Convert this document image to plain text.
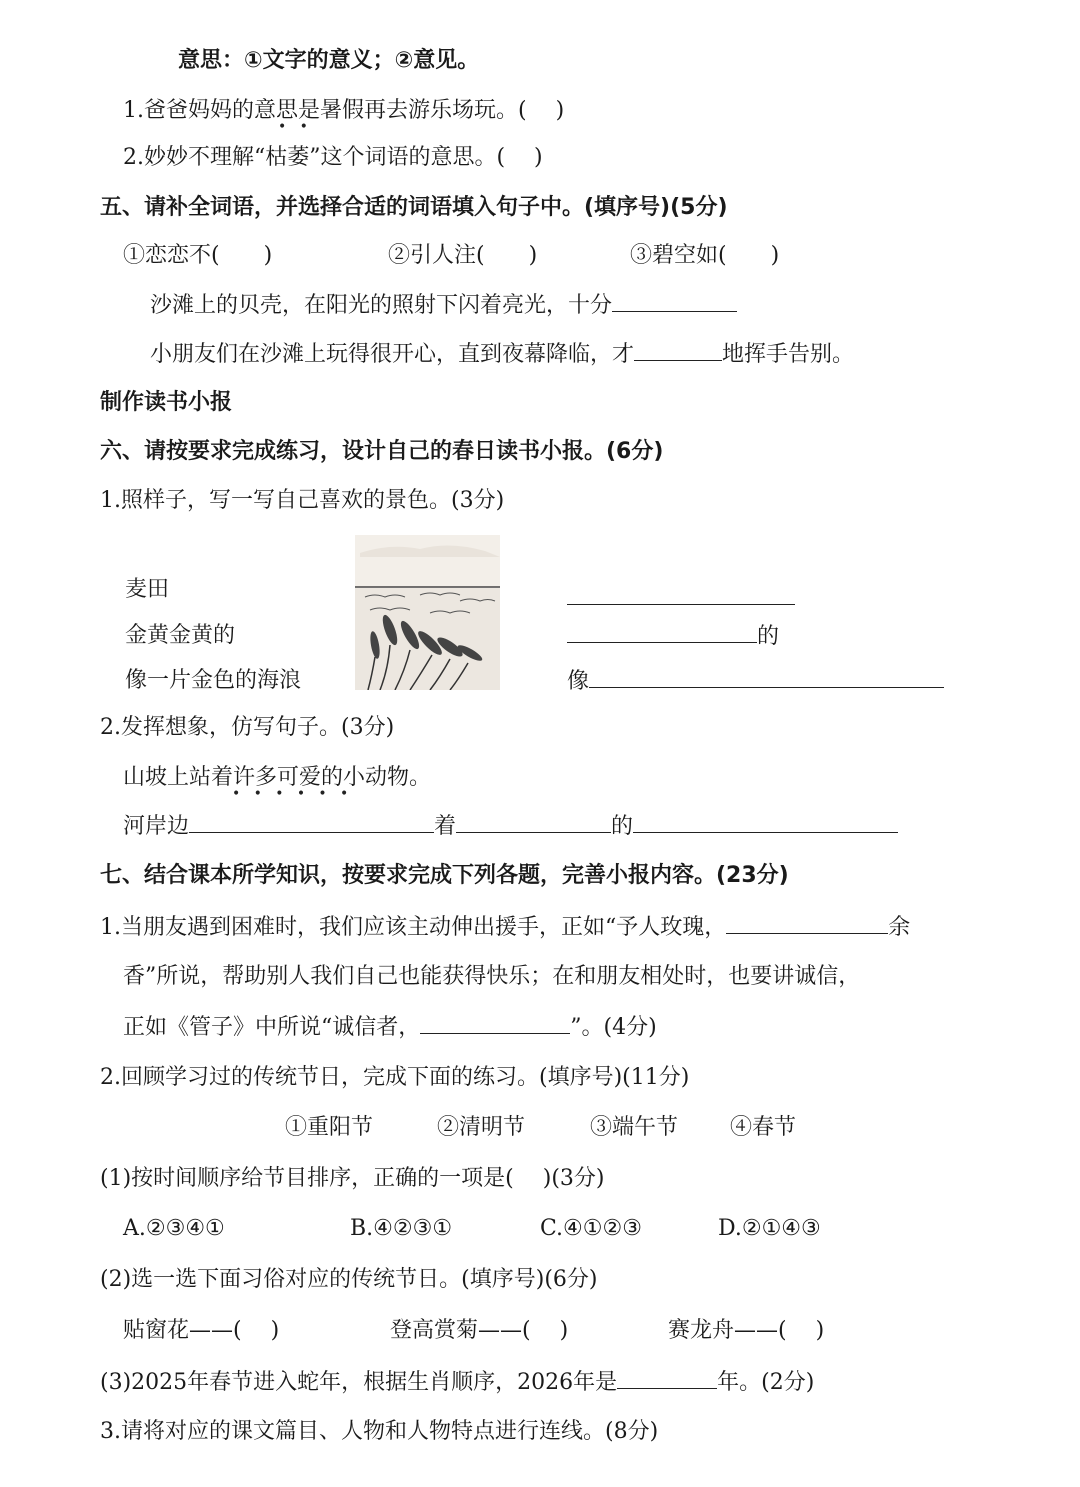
意思：①文字的意义；②意见。
1.爸爸妈妈的意思是暑假再去游乐场玩。(　 )
•   •
2.妙妙不理解“枯萎”这个词语的意思。(　 )
五、请补全词语，并选择合适的词语填入句子中。(填序号)(5分)
①恋恋不(　　)	②引人注(　　)	③碧空如(　　)
沙滩上的贝壳，在阳光的照射下闪着亮光，十分
小朋友们在沙滩上玩得很开心，直到夜幕降临，才	地挥手告别。
制作读书小报
六、请按要求完成练习，设计自己的春日读书小报。(6分)
1.照样子，写一写自己喜欢的景色。(3分)
麦田
金黄金黄的
像一片金色的海浪
的
像
2.发挥想象，仿写句子。(3分)
山坡上站着许多可爱的小动物。
•   •   •   •   •   •
河岸边	着	的
七、结合课本所学知识，按要求完成下列各题，完善小报内容。(23分)
1.当朋友遇到困难时，我们应该主动伸出援手，正如“予人玫瑰，	余
香”所说，帮助别人我们自己也能获得快乐；在和朋友相处时，也要讲诚信，
正如《管子》中所说“诚信者，	”。(4分)
2.回顾学习过的传统节日，完成下面的练习。(填序号)(11分)
①重阳节	②清明节	③端午节 ④春节
(1)按时间顺序给节目排序，正确的一项是(　 )(3分)
A.②③④①	B.④②③①	C.④①②③	D.②①④③
(2)选一选下面习俗对应的传统节日。(填序号)(6分)
贴窗花——(　 )	登高赏菊——(　 )	赛龙舟——(　 )
(3)2025年春节进入蛇年，根据生肖顺序，2026年是	年。(2分)
3.请将对应的课文篇目、人物和人物特点进行连线。(8分)
